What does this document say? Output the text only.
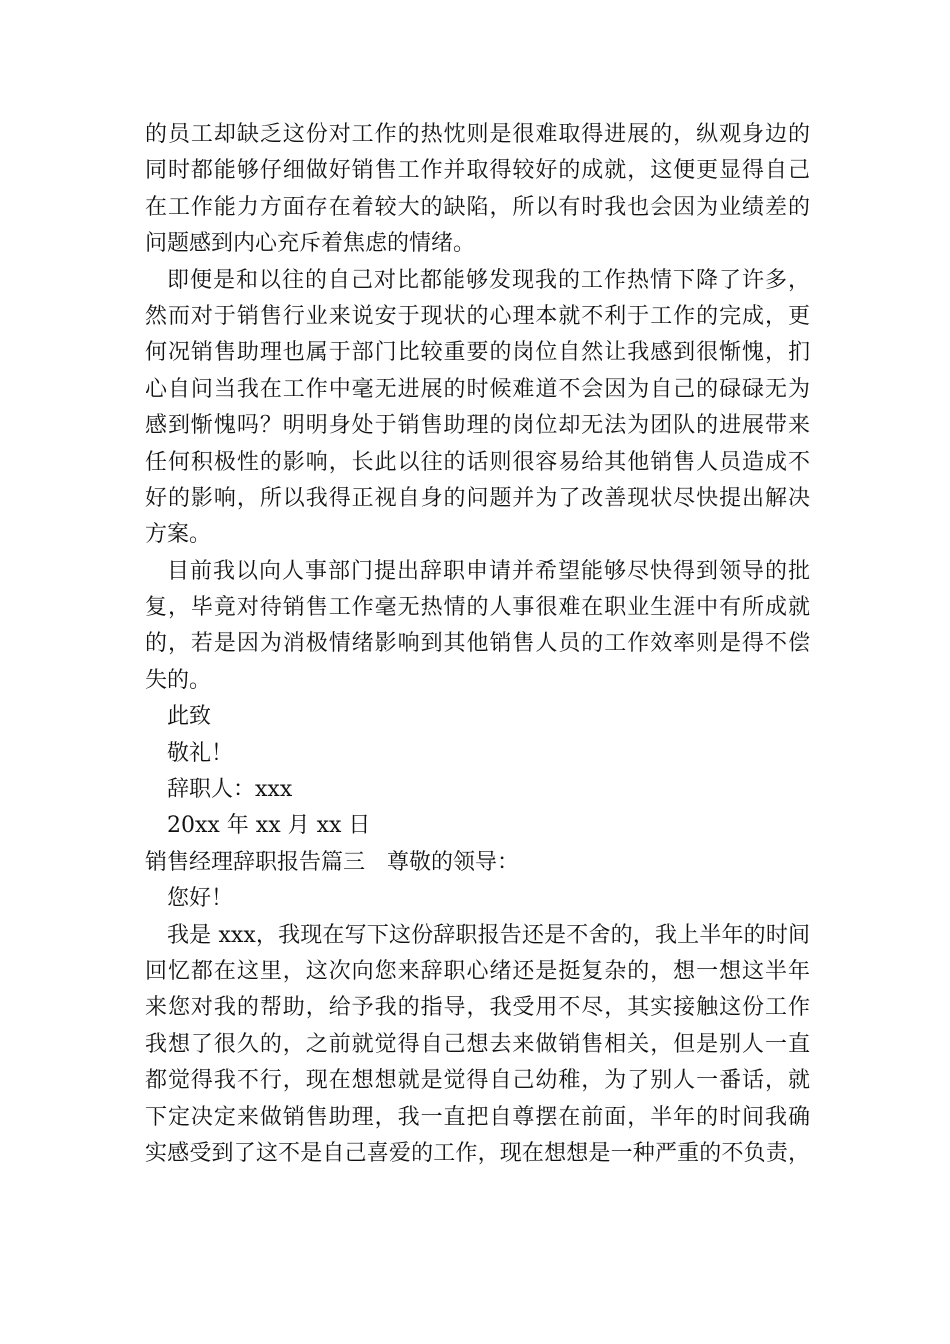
的员工却缺乏这份对工作的热忱则是很难取得进展的，纵观身边的
同时都能够仔细做好销售工作并取得较好的成就，这便更显得自己
在工作能力方面存在着较大的缺陷，所以有时我也会因为业绩差的
问题感到内心充斥着焦虑的情绪。
即便是和以往的自己对比都能够发现我的工作热情下降了许多，
然而对于销售行业来说安于现状的心理本就不利于工作的完成，更
何况销售助理也属于部门比较重要的岗位自然让我感到很惭愧，扪
心自问当我在工作中毫无进展的时候难道不会因为自己的碌碌无为
感到惭愧吗？明明身处于销售助理的岗位却无法为团队的进展带来
任何积极性的影响，长此以往的话则很容易给其他销售人员造成不
好的影响，所以我得正视自身的问题并为了改善现状尽快提出解决
方案。
目前我以向人事部门提出辞职申请并希望能够尽快得到领导的批
复，毕竟对待销售工作毫无热情的人事很难在职业生涯中有所成就
的，若是因为消极情绪影响到其他销售人员的工作效率则是得不偿
失的。
此致
敬礼！
辞职人：xxx
20xx 年 xx 月 xx 日
销售经理辞职报告篇三　尊敬的领导：
您好！
我是 xxx，我现在写下这份辞职报告还是不舍的，我上半年的时间
回忆都在这里，这次向您来辞职心绪还是挺复杂的，想一想这半年
来您对我的帮助，给予我的指导，我受用不尽，其实接触这份工作
我想了很久的，之前就觉得自己想去来做销售相关，但是别人一直
都觉得我不行，现在想想就是觉得自己幼稚，为了别人一番话，就
下定决定来做销售助理，我一直把自尊摆在前面，半年的时间我确
实感受到了这不是自己喜爱的工作，现在想想是一种严重的不负责，
